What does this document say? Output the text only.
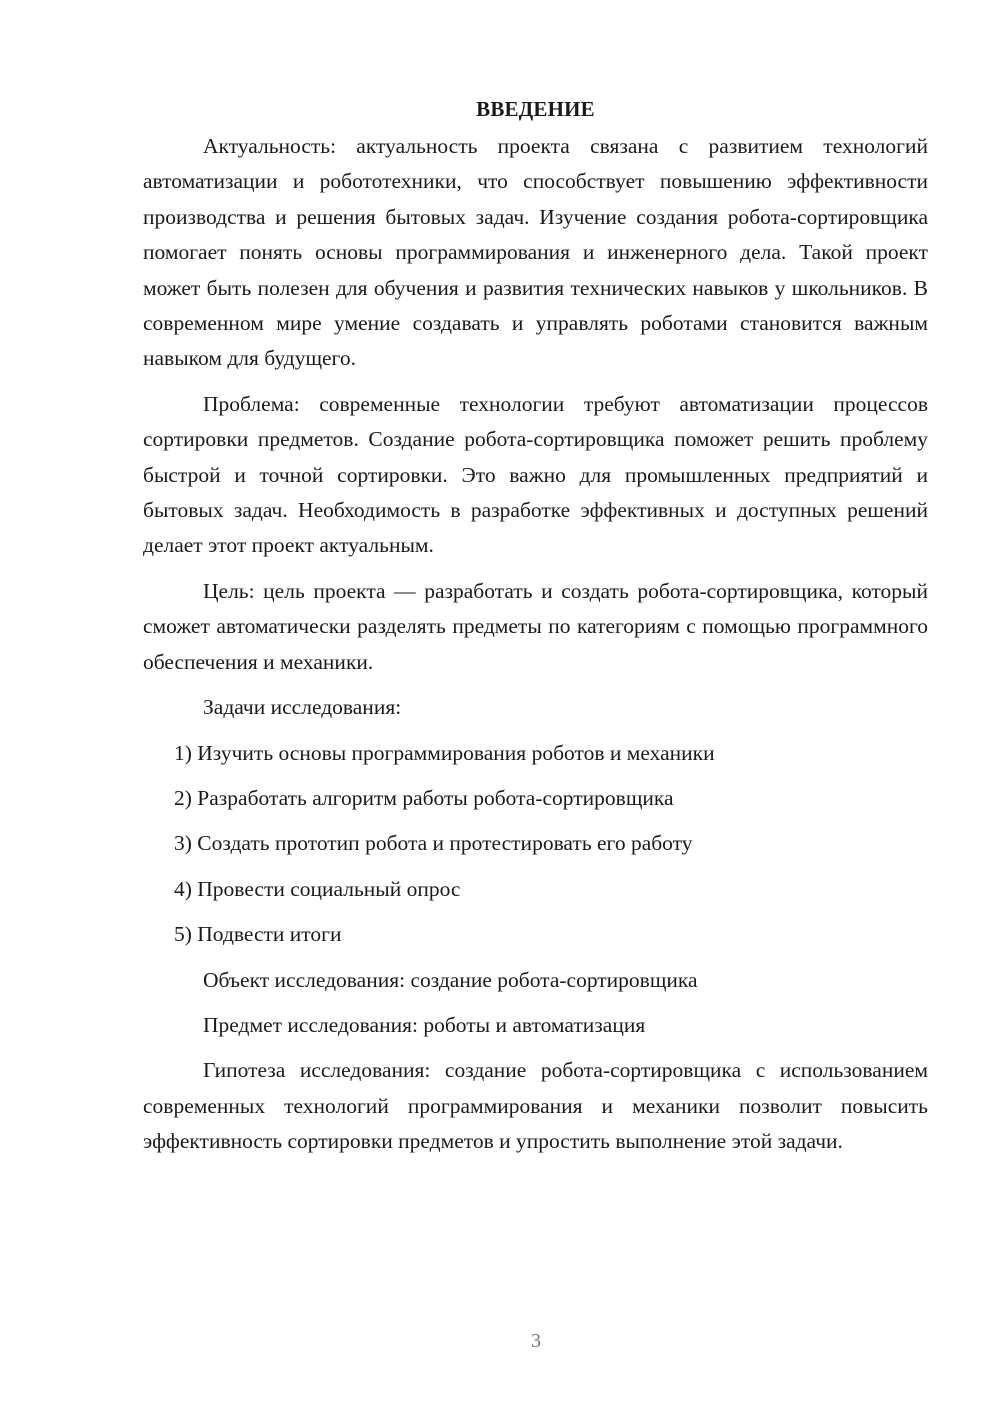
ВВЕДЕНИЕ

Актуальность: актуальность проекта связана с развитием технологий автоматизации и робототехники, что способствует повышению эффективности производства и решения бытовых задач. Изучение создания робота-сортировщика помогает понять основы программирования и инженерного дела. Такой проект может быть полезен для обучения и развития технических навыков у школьников. В современном мире умение создавать и управлять роботами становится важным навыком для будущего.

Проблема: современные технологии требуют автоматизации процессов сортировки предметов. Создание робота-сортировщика поможет решить проблему быстрой и точной сортировки. Это важно для промышленных предприятий и бытовых задач. Необходимость в разработке эффективных и доступных решений делает этот проект актуальным.

Цель: цель проекта — разработать и создать робота-сортировщика, который сможет автоматически разделять предметы по категориям с помощью программного обеспечения и механики.

Задачи исследования:

1) Изучить основы программирования роботов и механики
2) Разработать алгоритм работы робота-сортировщика
3) Создать прототип робота и протестировать его работу
4) Провести социальный опрос
5) Подвести итоги

Объект исследования: создание робота-сортировщика

Предмет исследования: роботы и автоматизация

Гипотеза исследования: создание робота-сортировщика с использованием современных технологий программирования и механики позволит повысить эффективность сортировки предметов и упростить выполнение этой задачи.

3
